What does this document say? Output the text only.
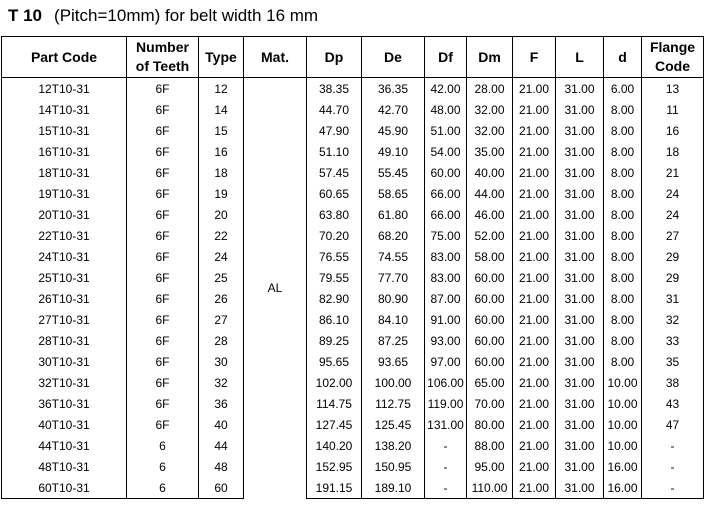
T 10 (Pitch=10mm) for belt width 16 mm
Part Code	Number
of Teeth	Type	Mat.	Dp	De	Df	Dm	F	L	d	Flange
Code
12T10-31	6F	12	AL	38.35	36.35	42.00	28.00	21.00	31.00	6.00	13
14T10-31	6F	14		44.70	42.70	48.00	32.00	21.00	31.00	8.00	11
15T10-31	6F	15		47.90	45.90	51.00	32.00	21.00	31.00	8.00	16
16T10-31	6F	16		51.10	49.10	54.00	35.00	21.00	31.00	8.00	18
18T10-31	6F	18		57.45	55.45	60.00	40.00	21.00	31.00	8.00	21
19T10-31	6F	19		60.65	58.65	66.00	44.00	21.00	31.00	8.00	24
20T10-31	6F	20		63.80	61.80	66.00	46.00	21.00	31.00	8.00	24
22T10-31	6F	22		70.20	68.20	75.00	52.00	21.00	31.00	8.00	27
24T10-31	6F	24		76.55	74.55	83.00	58.00	21.00	31.00	8.00	29
25T10-31	6F	25		79.55	77.70	83.00	60.00	21.00	31.00	8.00	29
26T10-31	6F	26		82.90	80.90	87.00	60.00	21.00	31.00	8.00	31
27T10-31	6F	27		86.10	84.10	91.00	60.00	21.00	31.00	8.00	32
28T10-31	6F	28		89.25	87.25	93.00	60.00	21.00	31.00	8.00	33
30T10-31	6F	30		95.65	93.65	97.00	60.00	21.00	31.00	8.00	35
32T10-31	6F	32		102.00	100.00	106.00	65.00	21.00	31.00	10.00	38
36T10-31	6F	36		114.75	112.75	119.00	70.00	21.00	31.00	10.00	43
40T10-31	6F	40		127.45	125.45	131.00	80.00	21.00	31.00	10.00	47
44T10-31	6	44		140.20	138.20	-	88.00	21.00	31.00	10.00	-
48T10-31	6	48		152.95	150.95	-	95.00	21.00	31.00	16.00	-
60T10-31	6	60		191.15	189.10	-	110.00	21.00	31.00	16.00	-
